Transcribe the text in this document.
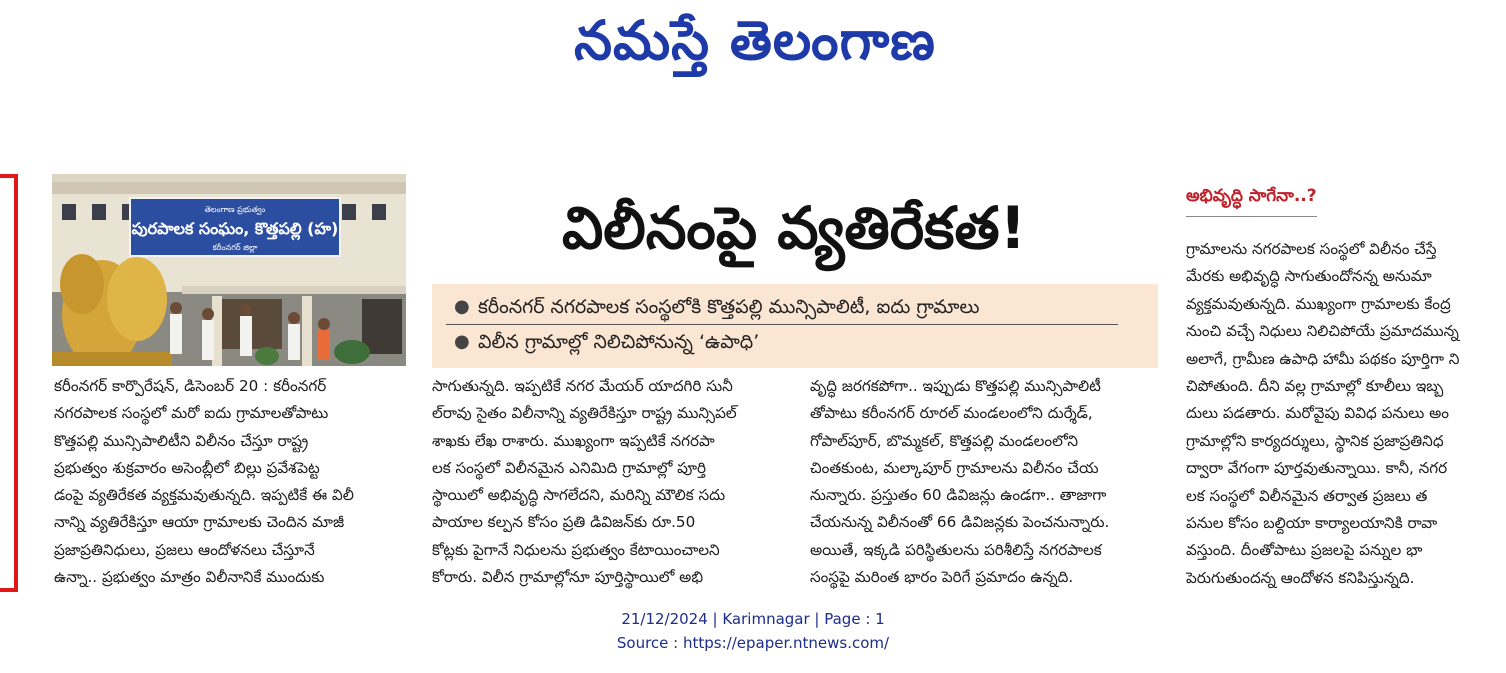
నమస్తే తెలంగాణ
తెలంగాణ ప్రభుత్వం
పురపాలక సంఘం, కొత్తపల్లి (హ)
కరీంనగర్ జిల్లా	విలీనంపై వ్యతిరేకత!
● కరీంనగర్ నగరపాలక సంస్థలోకి కొత్తపల్లి మున్సిపాలిటీ, ఐదు గ్రామాలు
● విలీన గ్రామాల్లో నిలిచిపోనున్న ‘ఉపాధి’
కరీంనగర్ కార్పొరేషన్, డిసెంబర్ 20 : కరీంనగర్
నగరపాలక సంస్థలో మరో ఐదు గ్రామాలతోపాటు
కొత్తపల్లి మున్సిపాలిటీని విలీనం చేస్తూ రాష్ట్ర
ప్రభుత్వం శుక్రవారం అసెంబ్లీలో బిల్లు ప్రవేశపెట్ట
డంపై వ్యతిరేకత వ్యక్తమవుతున్నది. ఇప్పటికే ఈ విలీ
నాన్ని వ్యతిరేకిస్తూ ఆయా గ్రామాలకు చెందిన మాజీ
ప్రజాప్రతినిధులు, ప్రజలు ఆందోళనలు చేస్తూనే
ఉన్నా.. ప్రభుత్వం మాత్రం విలీనానికే ముందుకు
సాగుతున్నది. ఇప్పటికే నగర మేయర్ యాదగిరి సునీ
ల్‌రావు సైతం విలీనాన్ని వ్యతిరేకిస్తూ రాష్ట్ర మున్సిపల్
శాఖకు లేఖ రాశారు. ముఖ్యంగా ఇప్పటికే నగరపా
లక సంస్థలో విలీనమైన ఎనిమిది గ్రామాల్లో పూర్తి
స్థాయిలో అభివృద్ధి సాగలేదని, మరిన్ని మౌలిక సదు
పాయాల కల్పన కోసం ప్రతి డివిజన్‌కు రూ.50
కోట్లకు పైగానే నిధులను ప్రభుత్వం కేటాయించాలని
కోరారు. విలీన గ్రామాల్లోనూ పూర్తిస్థాయిలో అభి
వృద్ధి జరగకపోగా.. ఇప్పుడు కొత్తపల్లి మున్సిపాలిటీ
తోపాటు కరీంనగర్ రూరల్ మండలంలోని దుర్శేడ్,
గోపాల్‌పూర్, బొమ్మకల్, కొత్తపల్లి మండలంలోని
చింతకుంట, మల్కాపూర్ గ్రామాలను విలీనం చేయ
నున్నారు. ప్రస్తుతం 60 డివిజన్లు ఉండగా.. తాజాగా
చేయనున్న విలీనంతో 66 డివిజన్లకు పెంచనున్నారు.
అయితే, ఇక్కడి పరిస్థితులను పరిశీలిస్తే నగరపాలక
సంస్థపై మరింత భారం పెరిగే ప్రమాదం ఉన్నది.
అభివృద్ధి సాగేనా..?
గ్రామాలను నగరపాలక సంస్థలో విలీనం చేస్తే
మేరకు అభివృద్ధి సాగుతుందోనన్న అనుమా
వ్యక్తమవుతున్నది. ముఖ్యంగా గ్రామాలకు కేంద్ర
నుంచి వచ్చే నిధులు నిలిచిపోయే ప్రమాదమున్న
అలాగే, గ్రామీణ ఉపాధి హామీ పథకం పూర్తిగా ని
చిపోతుంది. దీని వల్ల గ్రామాల్లో కూలీలు ఇబ్బ
దులు పడతారు. మరోవైపు వివిధ పనులు అం
గ్రామాల్లోని కార్యదర్శులు, స్థానిక ప్రజాప్రతినిధ
ద్వారా వేగంగా పూర్తవుతున్నాయి. కానీ, నగర
లక సంస్థలో విలీనమైన తర్వాత ప్రజలు త
పనుల కోసం బల్దియా కార్యాలయానికి రావా
వస్తుంది. దీంతోపాటు ప్రజలపై పన్నుల భా
పెరుగుతుందన్న ఆందోళన కనిపిస్తున్నది.
21/12/2024 | Karimnagar | Page : 1
Source : https://epaper.ntnews.com/
